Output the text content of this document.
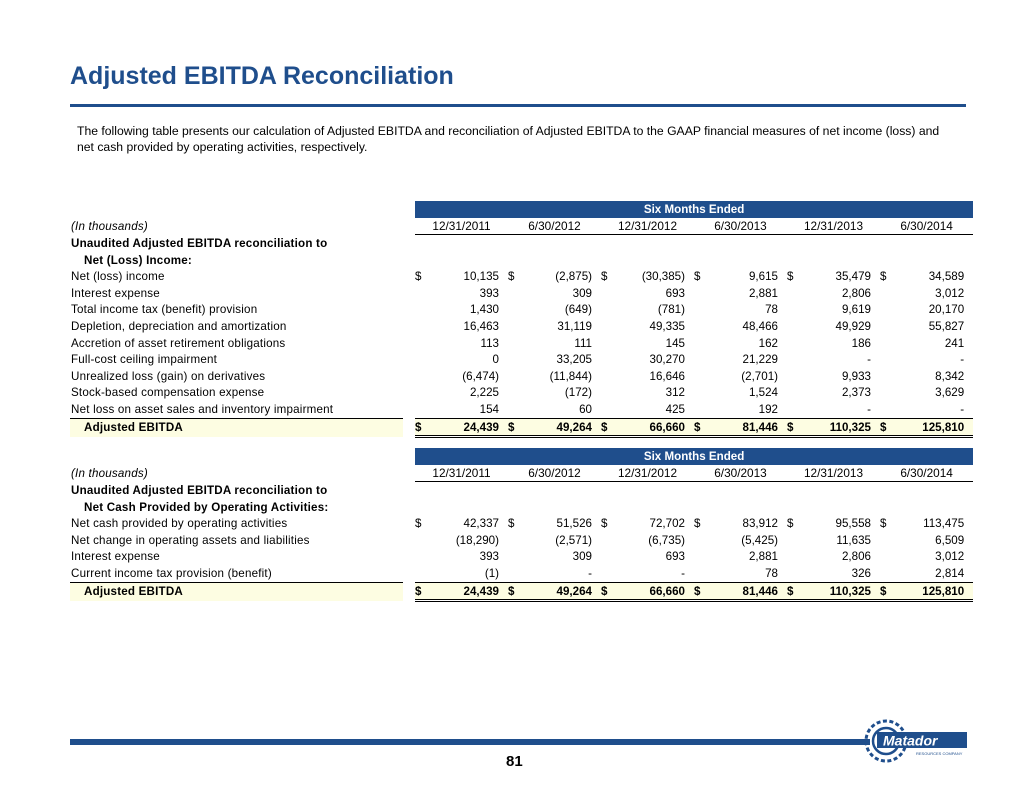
Adjusted EBITDA Reconciliation
The following table presents our calculation of Adjusted EBITDA and reconciliation of Adjusted EBITDA to the GAAP financial measures of net income (loss) and net cash provided by operating activities, respectively.
		Six Months Ended											
(In thousands)		12/31/2011		6/30/2012		12/31/2012		6/30/2013		12/31/2013		6/30/2014	
Unaudited Adjusted EBITDA reconciliation to													
Net (Loss) Income:													
Net (loss) income		$	10,135	$	(2,875)	$	(30,385)	$	9,615	$	35,479	$	34,589
Interest expense			393		309		693		2,881		2,806		3,012
Total income tax (benefit) provision			1,430		(649)		(781)		78		9,619		20,170
Depletion, depreciation and amortization			16,463		31,119		49,335		48,466		49,929		55,827
Accretion of asset retirement obligations			113		111		145		162		186		241
Full-cost ceiling impairment			0		33,205		30,270		21,229		-		-
Unrealized loss (gain) on derivatives			(6,474)		(11,844)		16,646		(2,701)		9,933		8,342
Stock-based compensation expense			2,225		(172)		312		1,524		2,373		3,629
Net loss on asset sales and inventory impairment			154		60		425		192		-		-
Adjusted EBITDA		$	24,439	$	49,264	$	66,660	$	81,446	$	110,325	$	125,810
		Six Months Ended											
(In thousands)		12/31/2011		6/30/2012		12/31/2012		6/30/2013		12/31/2013		6/30/2014	
Unaudited Adjusted EBITDA reconciliation to													
Net Cash Provided by Operating Activities:													
Net cash provided by operating activities		$	42,337	$	51,526	$	72,702	$	83,912	$	95,558	$	113,475
Net change in operating assets and liabilities			(18,290)		(2,571)		(6,735)		(5,425)		11,635		6,509
Interest expense			393		309		693		2,881		2,806		3,012
Current income tax provision (benefit)			(1)		-		-		78		326		2,814
Adjusted EBITDA		$	24,439	$	49,264	$	66,660	$	81,446	$	110,325	$	125,810
81
Matador
RESOURCES COMPANY
